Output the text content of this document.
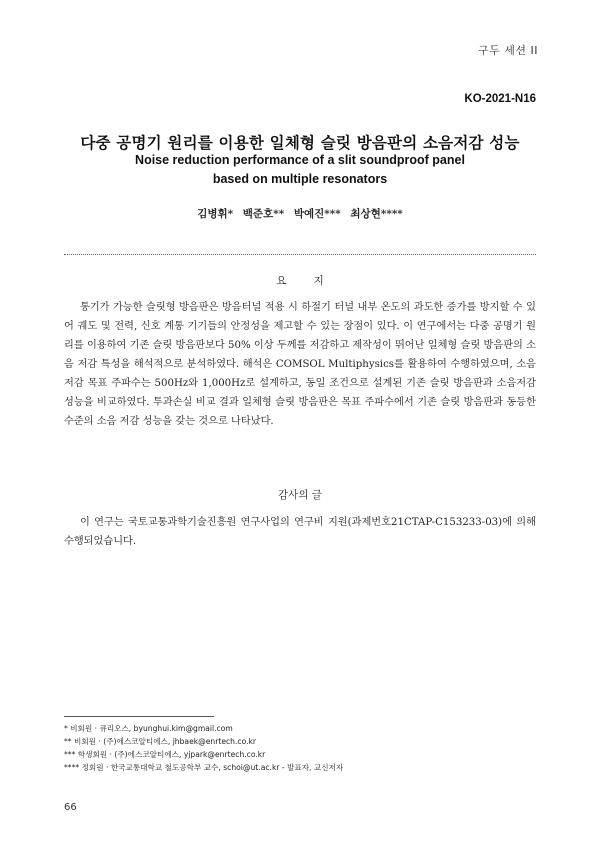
구두 세션 II
KO-2021-N16
다중 공명기 원리를 이용한 일체형 슬릿 방음판의 소음저감 성능
Noise reduction performance of a slit soundproof panel
based on multiple resonators
김병휘* 백준호** 박예진*** 최상현****
요 지
통기가 가능한 슬릿형 방음판은 방음터널 적용 시 하절기 터널 내부 온도의 과도한 증가를 방지할 수 있어 궤도 및 전력, 신호 계통 기기들의 안정성을 제고할 수 있는 장점이 있다. 이 연구에서는 다중 공명기 원리를 이용하여 기존 슬릿 방음판보다 50% 이상 두께를 저감하고 제작성이 뛰어난 일체형 슬릿 방음판의 소음 저감 특성을 해석적으로 분석하였다. 해석은 COMSOL Multiphysics를 활용하여 수행하였으며, 소음저감 목표 주파수는 500Hz와 1,000Hz로 설계하고, 동일 조건으로 설계된 기존 슬릿 방음판과 소음저감 성능을 비교하였다. 투과손실 비교 결과 일체형 슬릿 방음판은 목표 주파수에서 기존 슬릿 방음판과 동등한 수준의 소음 저감 성능을 갖는 것으로 나타났다.
감사의 글
이 연구는 국토교통과학기술진흥원 연구사업의 연구비 지원(과제번호21CTAP-C153233-03)에 의해 수행되었습니다.
* 비회원 · 큐리오스, byunghui.kim@gmail.com
** 비회원 · (주)에스코알티에스, jhbaek@enrtech.co.kr
*** 학생회원 · (주)에스코알티에스, yjpark@enrtech.co.kr
**** 정회원 · 한국교통대학교 철도공학부 교수, schoi@ut.ac.kr - 발표자, 교신저자
66
